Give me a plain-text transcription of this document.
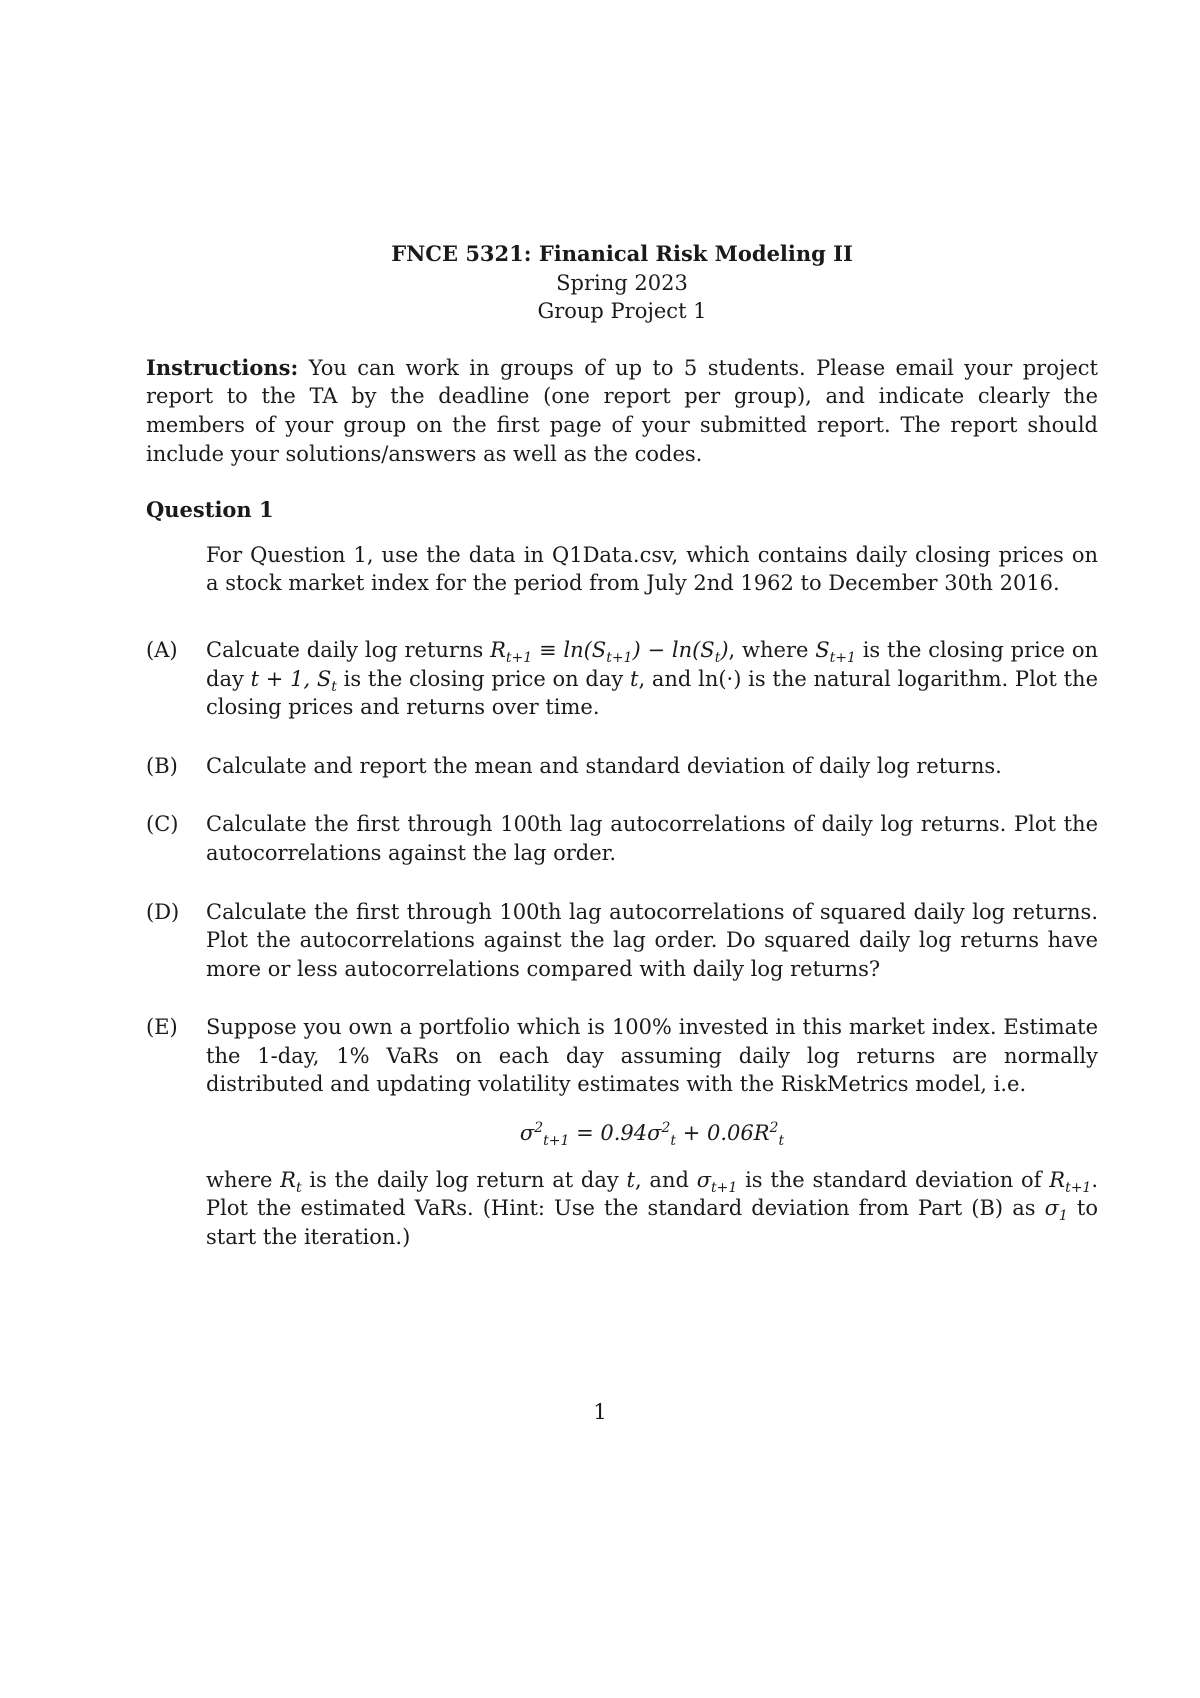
FNCE 5321: Finanical Risk Modeling II
Spring 2023
Group Project 1

Instructions: You can work in groups of up to 5 students. Please email your project report to the TA by the deadline (one report per group), and indicate clearly the members of your group on the first page of your submitted report. The report should include your solutions/answers as well as the codes.

Question 1
For Question 1, use the data in Q1Data.csv, which contains daily closing prices on a stock market index for the period from July 2nd 1962 to December 30th 2016.
(A)	Calcuate daily log returns $R_{t+1} \equiv \ln(S_{t+1}) - \ln(S_t)$, where $S_{t+1}$ is the closing price on day t + 1, $S_t$ is the closing price on day t, and ln(·) is the natural logarithm. Plot the closing prices and returns over time.
(B)	Calculate and report the mean and standard deviation of daily log returns.
(C)	Calculate the first through 100th lag autocorrelations of daily log returns. Plot the autocorrelations against the lag order.
(D)	Calculate the first through 100th lag autocorrelations of squared daily log returns. Plot the autocorrelations against the lag order. Do squared daily log returns have more or less autocorrelations compared with daily log returns?
(E)	Suppose you own a portfolio which is 100% invested in this market index. Estimate the 1-day, 1% VaRs on each day assuming daily log returns are normally distributed and updating volatility estimates with the RiskMetrics model, i.e.
$\sigma^2_{t+1} = 0.94\sigma^2_t + 0.06R^2_t$
where $R_t$ is the daily log return at day t, and $\sigma_{t+1}$ is the standard deviation of $R_{t+1}$. Plot the estimated VaRs. (Hint: Use the standard deviation from Part (B) as $\sigma_1$ to start the iteration.)
1
